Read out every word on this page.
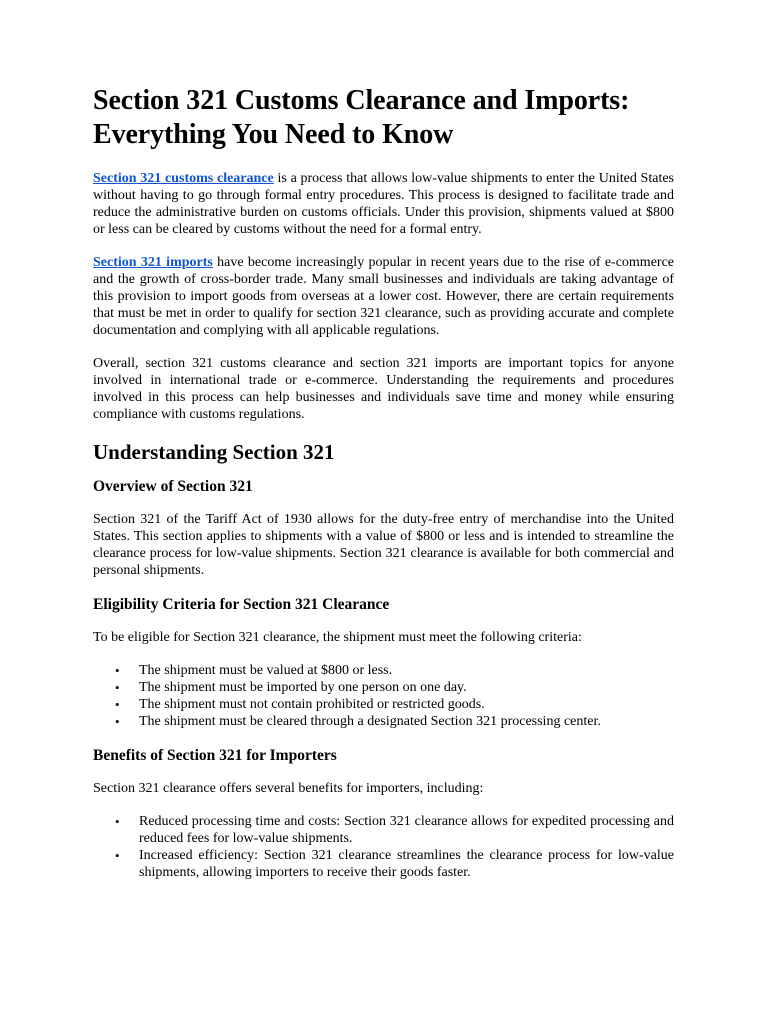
Section 321 Customs Clearance and Imports: Everything You Need to Know

Section 321 customs clearance is a process that allows low-value shipments to enter the United States without having to go through formal entry procedures. This process is designed to facilitate trade and reduce the administrative burden on customs officials. Under this provision, shipments valued at $800 or less can be cleared by customs without the need for a formal entry.

Section 321 imports have become increasingly popular in recent years due to the rise of e-commerce and the growth of cross-border trade. Many small businesses and individuals are taking advantage of this provision to import goods from overseas at a lower cost. However, there are certain requirements that must be met in order to qualify for section 321 clearance, such as providing accurate and complete documentation and complying with all applicable regulations.

Overall, section 321 customs clearance and section 321 imports are important topics for anyone involved in international trade or e-commerce. Understanding the requirements and procedures involved in this process can help businesses and individuals save time and money while ensuring compliance with customs regulations.

Understanding Section 321
Overview of Section 321

Section 321 of the Tariff Act of 1930 allows for the duty-free entry of merchandise into the United States. This section applies to shipments with a value of $800 or less and is intended to streamline the clearance process for low-value shipments. Section 321 clearance is available for both commercial and personal shipments.

Eligibility Criteria for Section 321 Clearance

To be eligible for Section 321 clearance, the shipment must meet the following criteria:

• The shipment must be valued at $800 or less.
• The shipment must be imported by one person on one day.
• The shipment must not contain prohibited or restricted goods.
• The shipment must be cleared through a designated Section 321 processing center.
Benefits of Section 321 for Importers

Section 321 clearance offers several benefits for importers, including:

• Reduced processing time and costs: Section 321 clearance allows for expedited processing and reduced fees for low-value shipments.
• Increased efficiency: Section 321 clearance streamlines the clearance process for low-value shipments, allowing importers to receive their goods faster.
